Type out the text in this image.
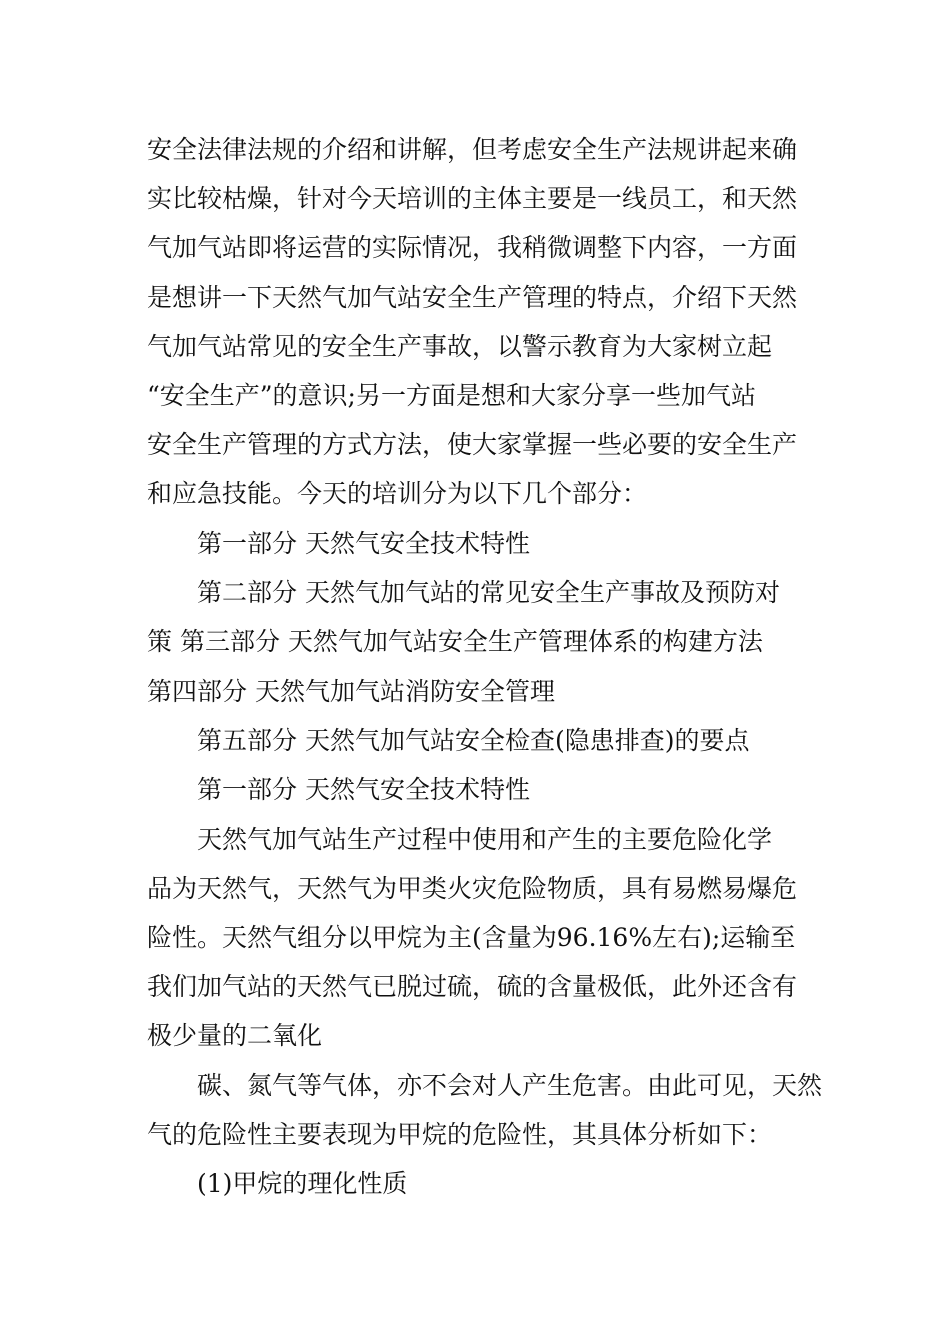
安全法律法规的介绍和讲解，但考虑安全生产法规讲起来确
实比较枯燥，针对今天培训的主体主要是一线员工，和天然
气加气站即将运营的实际情况，我稍微调整下内容，一方面
是想讲一下天然气加气站安全生产管理的特点，介绍下天然
气加气站常见的安全生产事故，以警示教育为大家树立起
“安全生产”的意识;另一方面是想和大家分享一些加气站
安全生产管理的方式方法，使大家掌握一些必要的安全生产
和应急技能。今天的培训分为以下几个部分：
第一部分 天然气安全技术特性
第二部分 天然气加气站的常见安全生产事故及预防对
策 第三部分 天然气加气站安全生产管理体系的构建方法
第四部分 天然气加气站消防安全管理
第五部分 天然气加气站安全检查(隐患排查)的要点
第一部分 天然气安全技术特性
天然气加气站生产过程中使用和产生的主要危险化学
品为天然气，天然气为甲类火灾危险物质，具有易燃易爆危
险性。天然气组分以甲烷为主(含量为96.16%左右);运输至
我们加气站的天然气已脱过硫，硫的含量极低，此外还含有
极少量的二氧化
碳、氮气等气体，亦不会对人产生危害。由此可见，天然
气的危险性主要表现为甲烷的危险性，其具体分析如下：
(1)甲烷的理化性质
